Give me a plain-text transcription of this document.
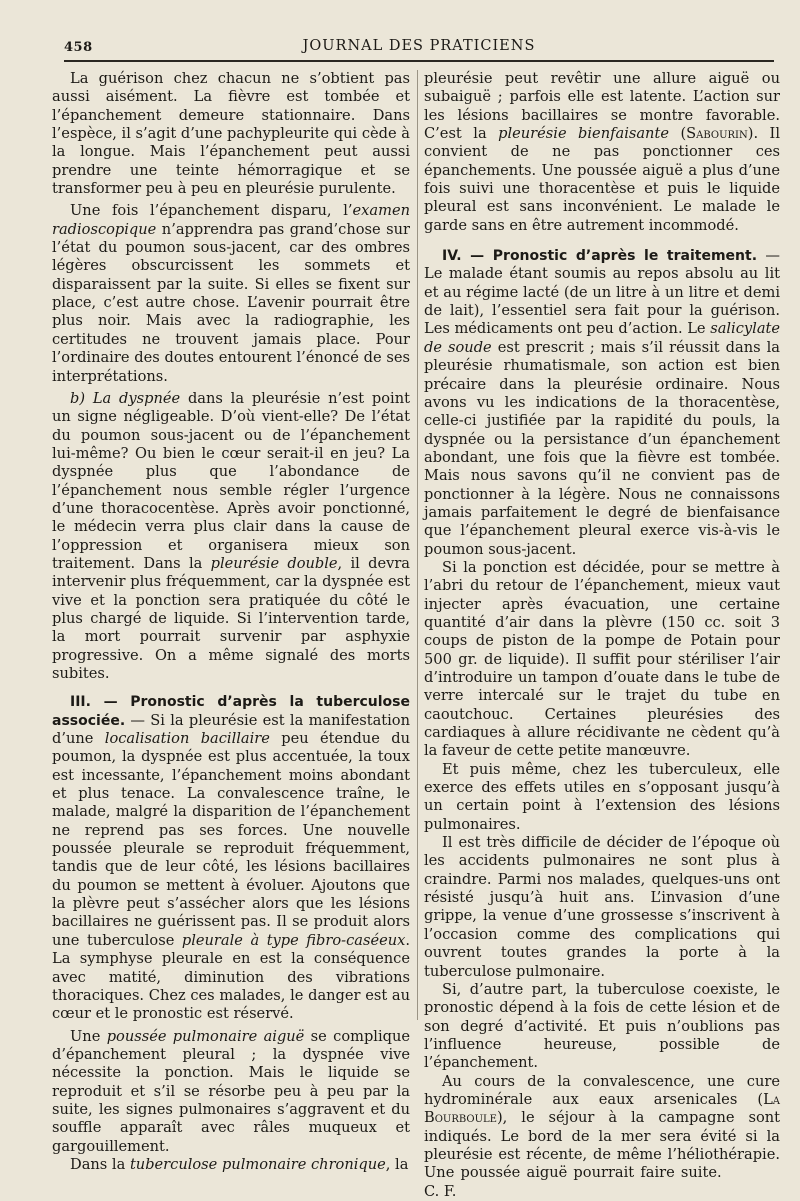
458	JOURNAL DES PRATICIENS

La guérison chez chacun ne s’obtient pas aussi aisément. La fièvre est tombée et l’épanchement demeure stationnaire. Dans l’espèce, il s’agit d’une pachypleurite qui cède à la longue. Mais l’épanchement peut aussi prendre une teinte hémorragique et se transformer peu à peu en pleurésie purulente.

Une fois l’épanchement disparu, l’examen radioscopique n’apprendra pas grand’chose sur l’état du poumon sous-jacent, car des ombres légères obscurcissent les sommets et disparaissent par la suite. Si elles se fixent sur place, c’est autre chose. L’avenir pourrait être plus noir. Mais avec la radiographie, les certitudes ne trouvent jamais place. Pour l’ordinaire des doutes entourent l’énoncé de ses interprétations.

b) La dyspnée dans la pleurésie n’est point un signe négligeable. D’où vient-elle? De l’état du poumon sous-jacent ou de l’épanchement lui-même? Ou bien le cœur serait-il en jeu? La dyspnée plus que l’abondance de l’épanchement nous semble régler l’urgence d’une thoracocentèse. Après avoir ponctionné, le médecin verra plus clair dans la cause de l’oppression et organisera mieux son traitement. Dans la pleurésie double, il devra intervenir plus fréquemment, car la dyspnée est vive et la ponction sera pratiquée du côté le plus chargé de liquide. Si l’intervention tarde, la mort pourrait survenir par asphyxie progressive. On a même signalé des morts subites.

III. — Pronostic d’après la tuberculose associée. — Si la pleurésie est la manifestation d’une localisation bacillaire peu étendue du poumon, la dyspnée est plus accentuée, la toux est incessante, l’épanchement moins abondant et plus tenace. La convalescence traîne, le malade, malgré la disparition de l’épanchement ne reprend pas ses forces. Une nouvelle poussée pleurale se reproduit fréquemment, tandis que de leur côté, les lésions bacillaires du poumon se mettent à évoluer. Ajoutons que la plèvre peut s’assécher alors que les lésions bacillaires ne guérissent pas. Il se produit alors une tuberculose pleurale à type fibro-caséeux. La symphyse pleurale en est la conséquence avec matité, diminution des vibrations thoraciques. Chez ces malades, le danger est au cœur et le pronostic est réservé.

Une poussée pulmonaire aiguë se complique d’épanchement pleural ; la dyspnée vive nécessite la ponction. Mais le liquide se reproduit et s’il se résorbe peu à peu par la suite, les signes pulmonaires s’aggravent et du souffle apparaît avec râles muqueux et gargouillement.

Dans la tuberculose pulmonaire chronique, la

pleurésie peut revêtir une allure aiguë ou subaiguë ; parfois elle est latente. L’action sur les lésions bacillaires se montre favorable. C’est la pleurésie bienfaisante (Sabourin). Il convient de ne pas ponctionner ces épanchements. Une poussée aiguë a plus d’une fois suivi une thoracentèse et puis le liquide pleural est sans inconvénient. Le malade le garde sans en être autrement incommodé.

IV. — Pronostic d’après le traitement. — Le malade étant soumis au repos absolu au lit et au régime lacté (de un litre à un litre et demi de lait), l’essentiel sera fait pour la guérison. Les médicaments ont peu d’action. Le salicylate de soude est prescrit ; mais s’il réussit dans la pleurésie rhumatismale, son action est bien précaire dans la pleurésie ordinaire. Nous avons vu les indications de la thoracentèse, celle-ci justifiée par la rapidité du pouls, la dyspnée ou la persistance d’un épanchement abondant, une fois que la fièvre est tombée. Mais nous savons qu’il ne convient pas de ponctionner à la légère. Nous ne connaissons jamais parfaitement le degré de bienfaisance que l’épanchement pleural exerce vis-à-vis le poumon sous-jacent.

Si la ponction est décidée, pour se mettre à l’abri du retour de l’épanchement, mieux vaut injecter après évacuation, une certaine quantité d’air dans la plèvre (150 cc. soit 3 coups de piston de la pompe de Potain pour 500 gr. de liquide). Il suffit pour stériliser l’air d’introduire un tampon d’ouate dans le tube de verre intercalé sur le trajet du tube en caoutchouc. Certaines pleurésies des cardiaques à allure récidivante ne cèdent qu’à la faveur de cette petite manœuvre.

Et puis même, chez les tuberculeux, elle exerce des effets utiles en s’opposant jusqu’à un certain point à l’extension des lésions pulmonaires.

Il est très difficile de décider de l’époque où les accidents pulmonaires ne sont plus à craindre. Parmi nos malades, quelques-uns ont résisté jusqu’à huit ans. L’invasion d’une grippe, la venue d’une grossesse s’inscrivent à l’occasion comme des complications qui ouvrent toutes grandes la porte à la tuberculose pulmonaire.

Si, d’autre part, la tuberculose coexiste, le pronostic dépend à la fois de cette lésion et de son degré d’activité. Et puis n’oublions pas l’influence heureuse, possible de l’épanchement.

Au cours de la convalescence, une cure hydrominérale aux eaux arsenicales (La Bourboule), le séjour à la campagne sont indiqués. Le bord de la mer sera évité si la pleurésie est récente, de même l’héliothérapie. Une poussée aiguë pourrait faire suite.    C. F.
